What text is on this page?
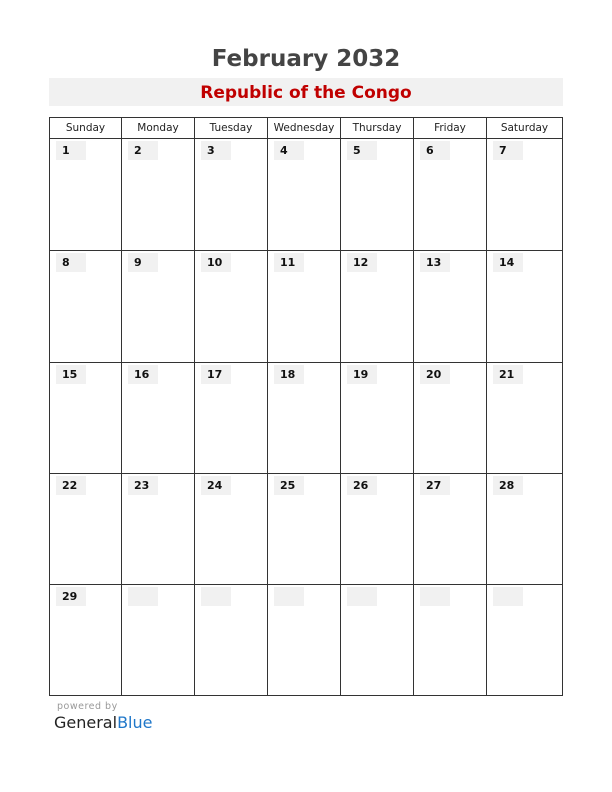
February 2032
Republic of the Congo
Sunday	Monday	Tuesday	Wednesday	Thursday	Friday	Saturday
1	2	3	4	5	6	7
8	9	10	11	12	13	14
15	16	17	18	19	20	21
22	23	24	25	26	27	28
29
powered by
GeneralBlue
